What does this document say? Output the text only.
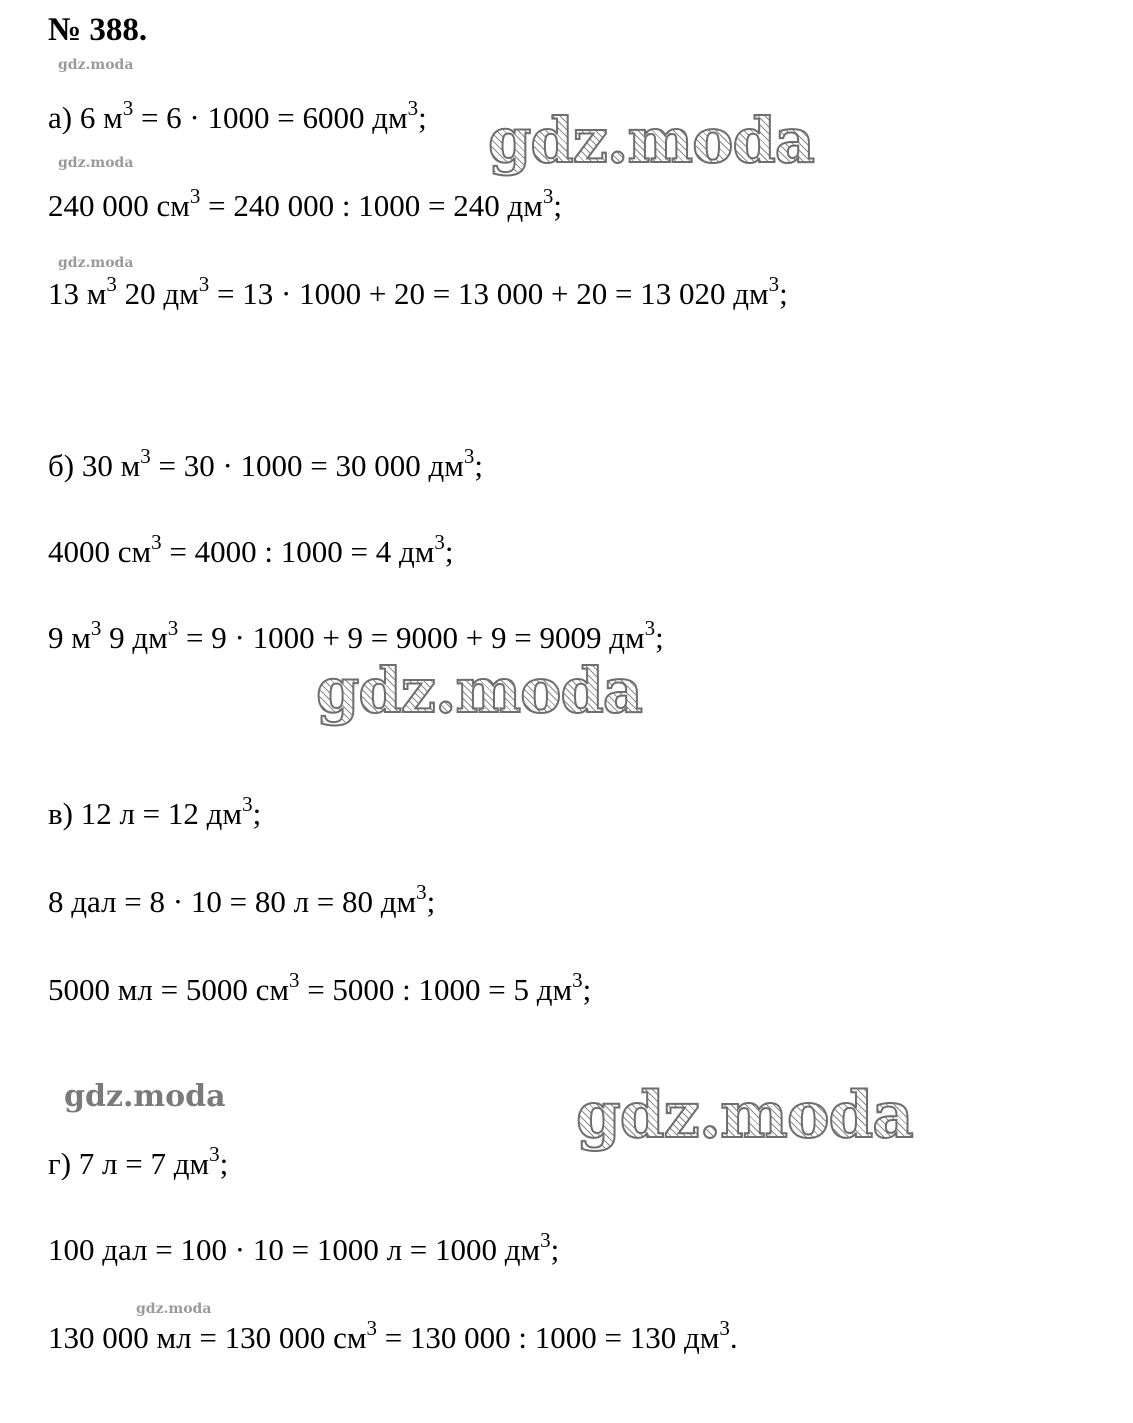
№ 388.
gdz.moda
gdz.moda
gdz.moda
gdz.moda
gdz.moda
gdz.moda
gdz.moda
gdz.moda

а) 6 $м^3 = 6 \cdot 1000 = 6000$ $дм^3$;

240 000 $см^3 = 240$ 000 : 1000 = 240 $дм^3$;

13 $м^3$ 20 $дм^3 = 13 \cdot 1000 + 20 = 13$ 000 + 20 = 13 020 $дм^3$;

б) 30 $м^3 = 30 \cdot 1000 = 30$ 000 $дм^3$;

4000 $см^3 = 4000$ : 1000 = 4 $дм^3$;

9 $м^3$ 9 $дм^3 = 9 \cdot 1000 + 9 = 9000 + 9 = 9009$ $дм^3$;

в) 12 л = 12 $дм^3$;

8 дал = 8 · 10 = 80 л = 80 $дм^3$;

5000 мл = 5000 $см^3 = 5000$ : 1000 = 5 $дм^3$;

г) 7 л = 7 $дм^3$;

100 дал = 100 · 10 = 1000 л = 1000 $дм^3$;

130 000 мл = 130 000 $см^3 = 130$ 000 : 1000 = 130 $дм^3$.
